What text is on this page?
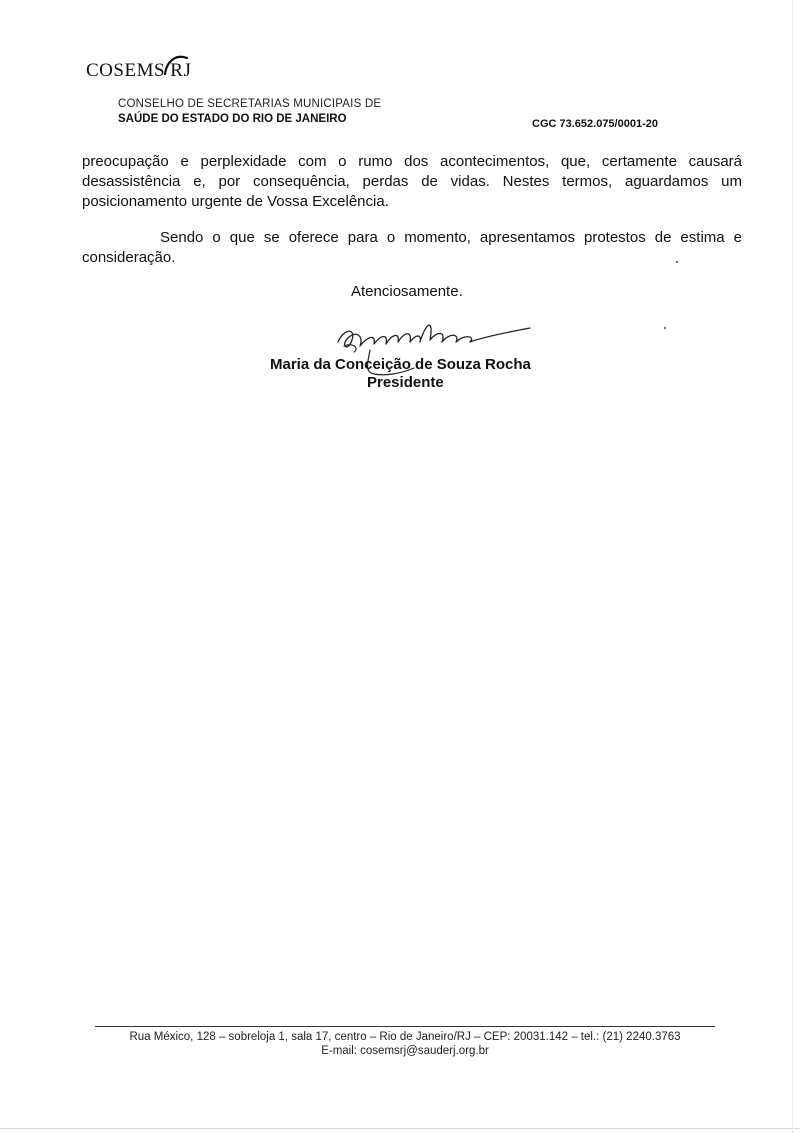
COSEMS RJ
CONSELHO DE SECRETARIAS MUNICIPAIS DE
SAÚDE DO ESTADO DO RIO DE JANEIRO	CGC 73.652.075/0001-20
preocupação e perplexidade com o rumo dos acontecimentos, que, certamente causará desassistência e, por consequência, perdas de vidas. Nestes termos, aguardamos um posicionamento urgente de Vossa Excelência.
Sendo o que se oferece para o momento, apresentamos protestos de estima e consideração.
Atenciosamente.
Maria da Conceição de Souza Rocha
Presidente
Rua México, 128 – sobreloja 1, sala 17, centro – Rio de Janeiro/RJ – CEP: 20031.142 – tel.: (21) 2240.3763
E-mail: cosemsrj@sauderj.org.br
